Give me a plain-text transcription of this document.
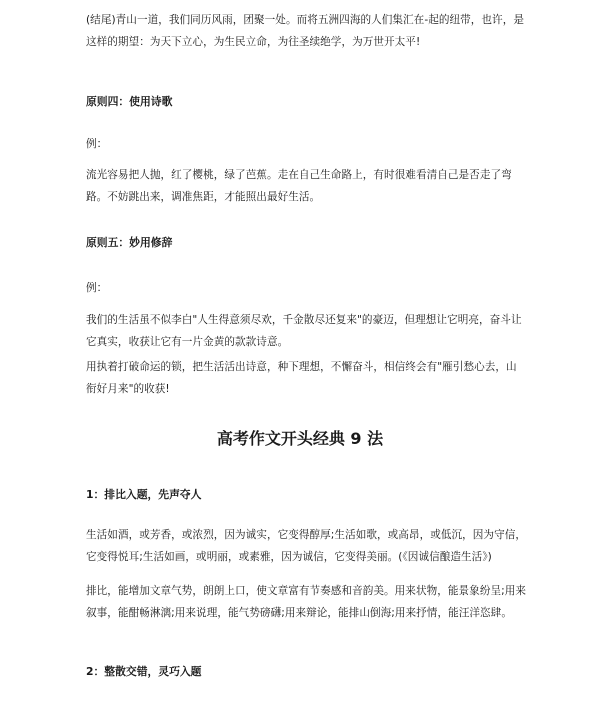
(结尾)青山一道，我们同历风雨，团聚一处。而将五洲四海的人们集汇在-起的纽带，也许，是这样的期望：为天下立心，为生民立命，为往圣续绝学，为万世开太平!

原则四：使用诗歌

例：

流光容易把人抛，红了樱桃，绿了芭蕉。走在自己生命路上，有时很难看清自己是否走了弯路。不妨跳出来，调准焦距，才能照出最好生活。

原则五：妙用修辞

例：

我们的生活虽不似李白"人生得意须尽欢，千金散尽还复来"的豪迈，但理想让它明亮，奋斗让它真实，收获让它有一片金黄的款款诗意。

用执着打破命运的锁，把生活活出诗意，种下理想，不懈奋斗，相信终会有"雁引愁心去，山衔好月来"的收获!

高考作文开头经典 9 法
1：排比入题，先声夺人

生活如酒，或芳香，或浓烈，因为诚实，它变得醇厚;生活如歌，或高昂，或低沉，因为守信，它变得悦耳;生活如画，或明丽，或素雅，因为诚信，它变得美丽。(《因诚信酿造生活》)

排比，能增加文章气势，朗朗上口，使文章富有节奏感和音韵美。用来状物，能景象纷呈;用来叙事，能酣畅淋漓;用来说理，能气势磅礴;用来辩论，能排山倒海;用来抒情，能汪洋恣肆。

2：整散交错，灵巧入题
